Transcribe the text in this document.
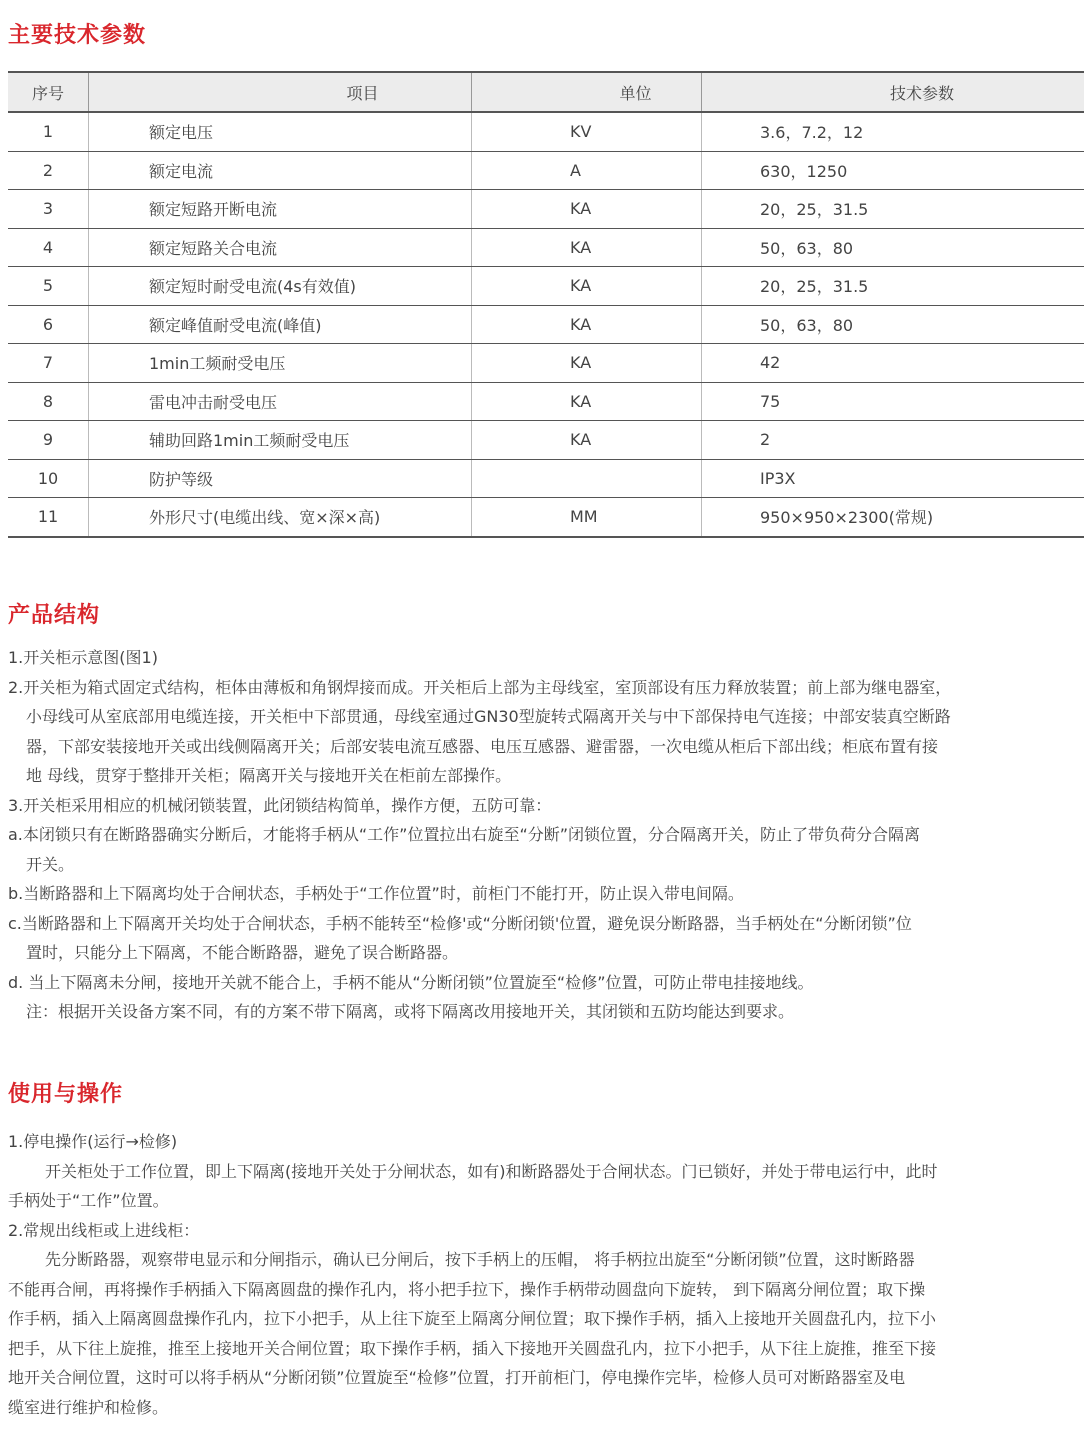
主要技术参数
序号	项目	单位	技术参数
1	额定电压	KV	3.6，7.2，12
2	额定电流	A	630，1250
3	额定短路开断电流	KA	20，25，31.5
4	额定短路关合电流	KA	50，63，80
5	额定短时耐受电流(4s有效值)	KA	20，25，31.5
6	额定峰值耐受电流(峰值)	KA	50，63，80
7	1min工频耐受电压	KA	42
8	雷电冲击耐受电压	KA	75
9	辅助回路1min工频耐受电压	KA	2
10	防护等级		IP3X
11	外形尺寸(电缆出线、宽×深×高)	MM	950×950×2300(常规)
产品结构
1.开关柜示意图(图1)
2.开关柜为箱式固定式结构，柜体由薄板和角钢焊接而成。开关柜后上部为主母线室，室顶部设有压力释放装置；前上部为继电器室，
小母线可从室底部用电缆连接，开关柜中下部贯通，母线室通过GN30型旋转式隔离开关与中下部保持电气连接；中部安装真空断路
器，下部安装接地开关或出线侧隔离开关；后部安装电流互感器、电压互感器、避雷器，一次电缆从柜后下部出线；柜底布置有接
地 母线，贯穿于整排开关柜；隔离开关与接地开关在柜前左部操作。
3.开关柜采用相应的机械闭锁装置，此闭锁结构简单，操作方便，五防可靠：
a.本闭锁只有在断路器确实分断后，才能将手柄从“工作”位置拉出右旋至“分断”闭锁位置，分合隔离开关，防止了带负荷分合隔离
开关。
b.当断路器和上下隔离均处于合闸状态，手柄处于“工作位置”时，前柜门不能打开，防止误入带电间隔。
c.当断路器和上下隔离开关均处于合闸状态，手柄不能转至“检修'或“分断闭锁'位置，避免误分断路器，当手柄处在“分断闭锁”位
置时，只能分上下隔离，不能合断路器，避免了误合断路器。
d. 当上下隔离未分闸，接地开关就不能合上，手柄不能从“分断闭锁”位置旋至“检修”位置，可防止带电挂接地线。
注：根据开关设备方案不同，有的方案不带下隔离，或将下隔离改用接地开关，其闭锁和五防均能达到要求。
使用与操作
1.停电操作(运行→检修)
开关柜处于工作位置，即上下隔离(接地开关处于分闸状态，如有)和断路器处于合闸状态。门已锁好，并处于带电运行中，此时
手柄处于“工作”位置。
2.常规出线柜或上进线柜：
先分断路器，观察带电显示和分闸指示，确认已分闸后，按下手柄上的压帽， 将手柄拉出旋至“分断闭锁”位置，这时断路器
不能再合闸，再将操作手柄插入下隔离圆盘的操作孔内，将小把手拉下，操作手柄带动圆盘向下旋转， 到下隔离分闸位置；取下操
作手柄，插入上隔离圆盘操作孔内，拉下小把手，从上往下旋至上隔离分闸位置；取下操作手柄，插入上接地开关圆盘孔内，拉下小
把手，从下往上旋推，推至上接地开关合闸位置；取下操作手柄，插入下接地开关圆盘孔内，拉下小把手，从下往上旋推，推至下接
地开关合闸位置，这时可以将手柄从“分断闭锁”位置旋至“检修”位置，打开前柜门，停电操作完毕，检修人员可对断路器室及电
缆室进行维护和检修。
